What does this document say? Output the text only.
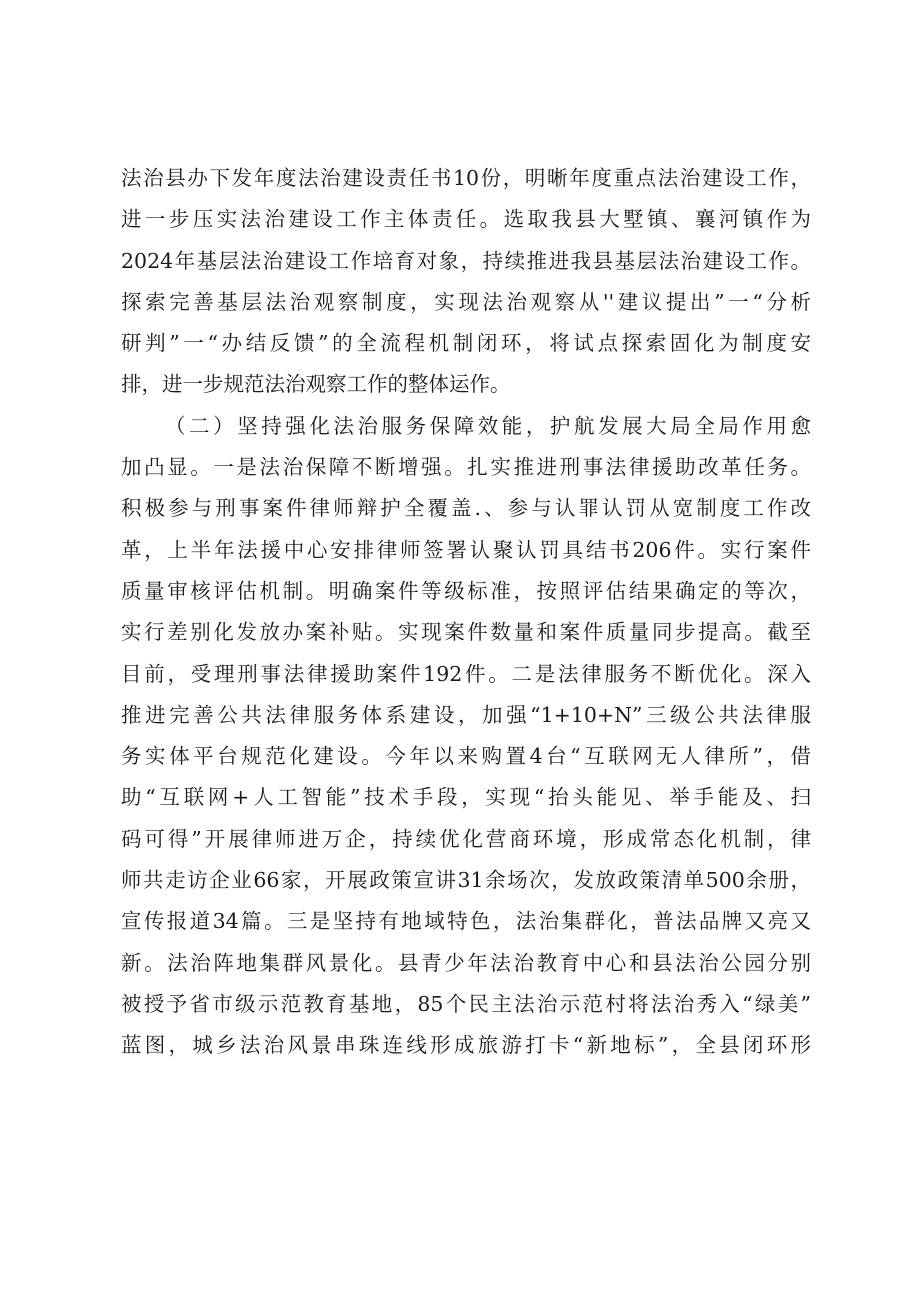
法治县办下发年度法治建设责任书10份，明晰年度重点法治建设工作，
进一步压实法治建设工作主体责任。选取我县大墅镇、襄河镇作为
2024年基层法治建设工作培育对象，持续推进我县基层法治建设工作。
探索完善基层法治观察制度，实现法治观察从''建议提出”一“分析
研判”一“办结反馈”的全流程机制闭环，将试点探索固化为制度安
排，进一步规范法治观察工作的整体运作。
（二）坚持强化法治服务保障效能，护航发展大局全局作用愈
加凸显。一是法治保障不断增强。扎实推进刑事法律援助改革任务。
积极参与刑事案件律师辩护全覆盖.、参与认罪认罚从宽制度工作改
革，上半年法援中心安排律师签署认聚认罚具结书206件。实行案件
质量审核评估机制。明确案件等级标准，按照评估结果确定的等次，
实行差别化发放办案补贴。实现案件数量和案件质量同步提高。截至
目前，受理刑事法律援助案件192件。二是法律服务不断优化。深入
推进完善公共法律服务体系建设，加强“1+10+N”三级公共法律服
务实体平台规范化建设。今年以来购置4台“互联网无人律所”，借
助“互联网+人工智能”技术手段，实现“抬头能见、举手能及、扫
码可得”开展律师进万企，持续优化营商环境，形成常态化机制，律
师共走访企业66家，开展政策宣讲31余场次，发放政策清单500余册，
宣传报道34篇。三是坚持有地域特色，法治集群化，普法品牌又亮又
新。法治阵地集群风景化。县青少年法治教育中心和县法治公园分别
被授予省市级示范教育基地，85个民主法治示范村将法治秀入“绿美”
蓝图，城乡法治风景串珠连线形成旅游打卡“新地标”，全县闭环形
